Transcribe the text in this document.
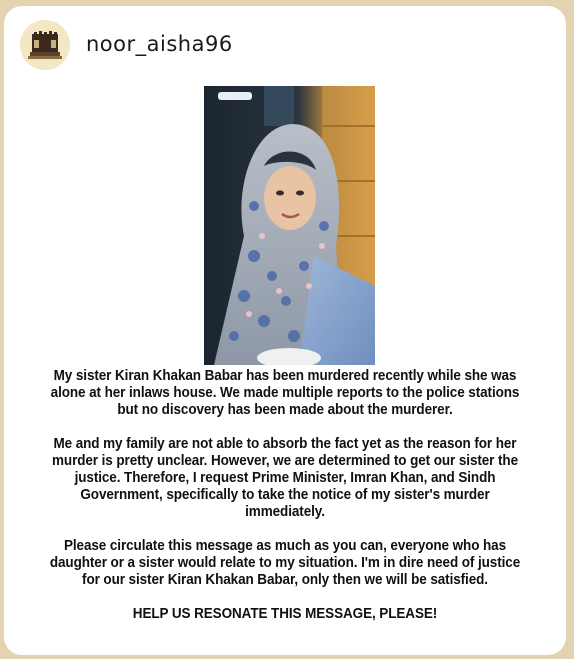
noor_aisha96

My sister Kiran Khakan Babar has been murdered recently while she was alone at her inlaws house. We made multiple reports to the police stations but no discovery has been made about the murderer.

Me and my family are not able to absorb the fact yet as the reason for her murder is pretty unclear. However, we are determined to get our sister the justice. Therefore, I request Prime Minister, Imran Khan, and Sindh Government, specifically to take the notice of my sister's murder immediately.

Please circulate this message as much as you can, everyone who has daughter or a sister would relate to my situation. I'm in dire need of justice for our sister Kiran Khakan Babar, only then we will be satisfied.

HELP US RESONATE THIS MESSAGE, PLEASE!
